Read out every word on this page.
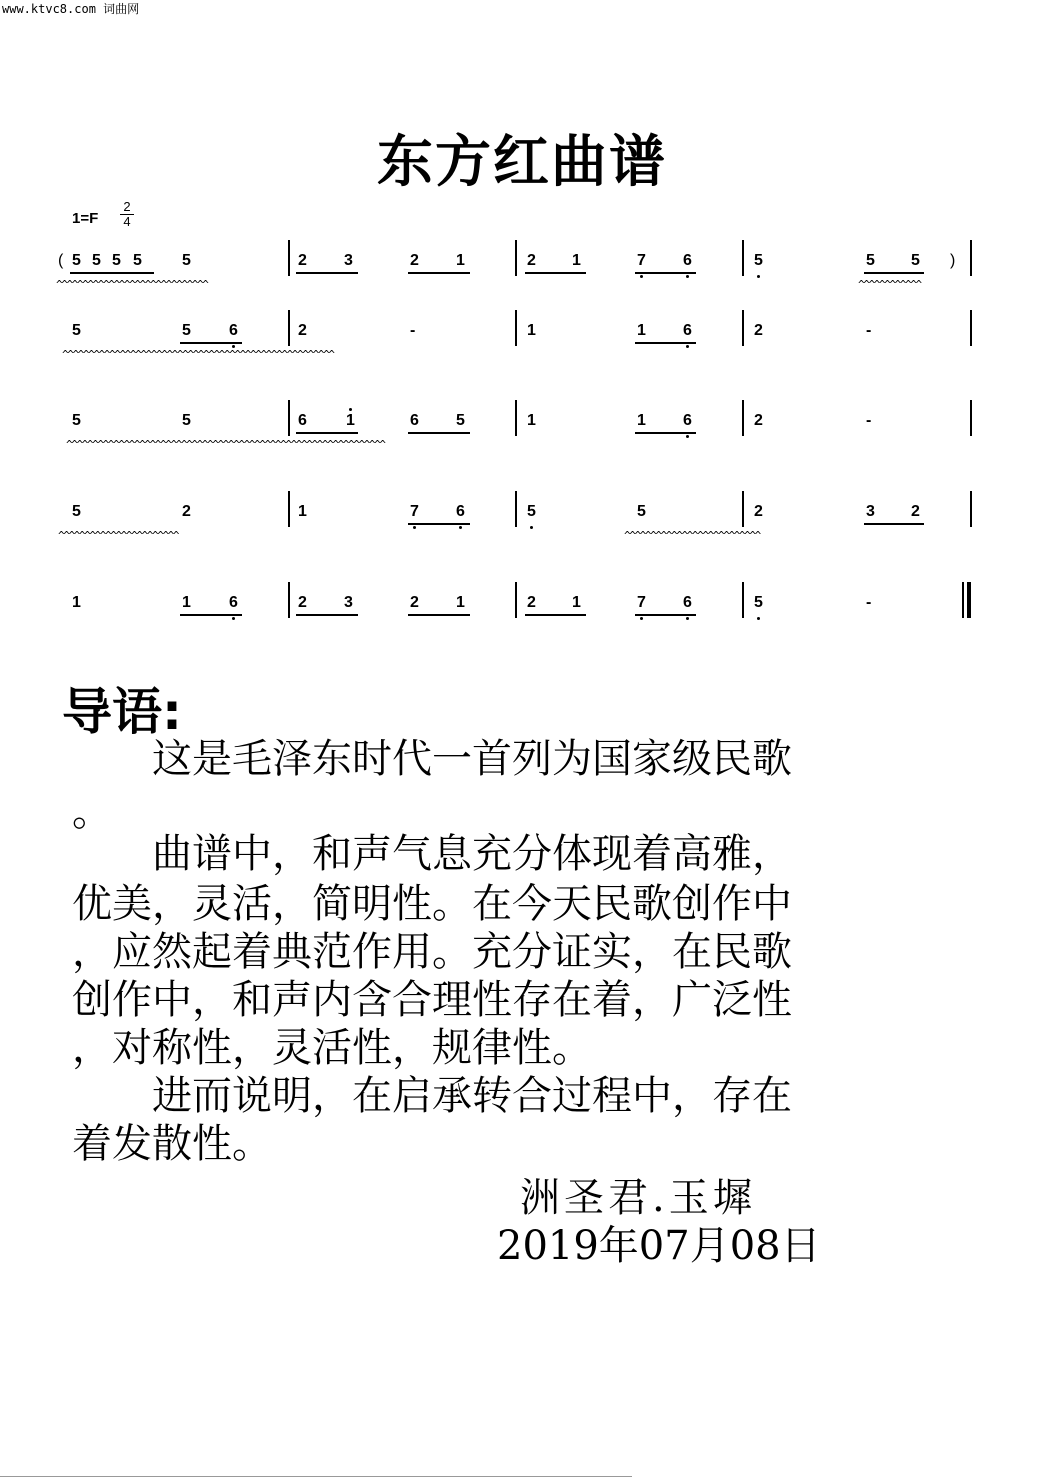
www.ktvc8.com 词曲网
东方红曲谱
1=F
2
4
( 5 5 5 5	5	2 3	2 1	2 1	7 6	5	5 5 )
^^^^^^^^^^^^^^^^^^^^^^^^^^^^^	^^^^^^^^^^^^
5	5 6	2	-	1	1 6	2	-
^^^^^^^^^^^^^^^^^^^^^^^^^^^^^^^^^^^^^^^^^^^^^^^^^^^^
5	5	6 1	6 5	1	1 6	2	-
^^^^^^^^^^^^^^^^^^^^^^^^^^^^^^^^^^^^^^^^^^^^^^^^^^^^^^^^^^^^^
5	2	1	7 6	5	5	2	3 2
^^^^^^^^^^^^^^^^^^^^^^^	^^^^^^^^^^^^^^^^^^^^^^^^^^
1	1 6	2 3	2 1	2 1	7 6	5	-
导语:
　　这是毛泽东时代一首列为国家级民歌
。
　　曲谱中，和声气息充分体现着高雅，
优美，灵活，简明性。在今天民歌创作中
，应然起着典范作用。充分证实，在民歌
创作中，和声内含合理性存在着，广泛性
，对称性，灵活性，规律性。
　　进而说明，在启承转合过程中，存在
着发散性。
洲圣君.玉墀
2019年07月08日
